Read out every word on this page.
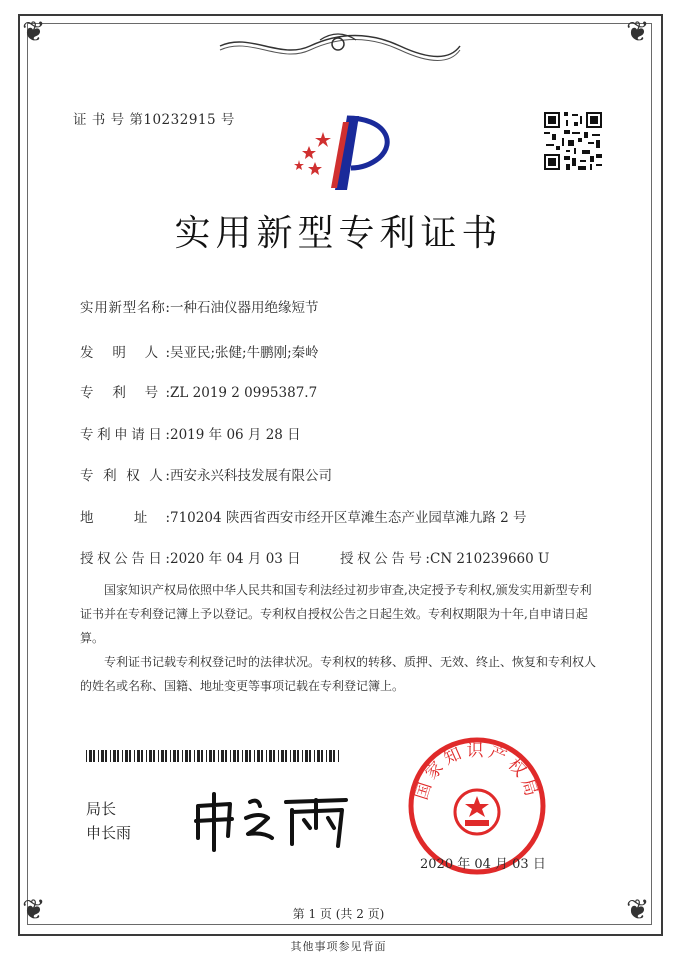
❦	❦
❦	❦
证 书 号 第10232915 号
实用新型专利证书
实用新型名称:一种石油仪器用绝缘短节
发 明 人:吴亚民;张健;牛鹏刚;秦岭
专 利 号:ZL 2019 2 0995387.7
专利申请日:2019 年 06 月 28 日
专 利 权 人:西安永兴科技发展有限公司
地 址:710204 陕西省西安市经开区草滩生态产业园草滩九路 2 号
授权公告日:2020 年 04 月 03 日	授权公告号:CN 210239660 U
国家知识产权局依照中华人民共和国专利法经过初步审查,决定授予专利权,颁发实用新型专利证书并在专利登记簿上予以登记。专利权自授权公告之日起生效。专利权期限为十年,自申请日起算。
专利证书记载专利权登记时的法律状况。专利权的转移、质押、无效、终止、恢复和专利权人的姓名或名称、国籍、地址变更等事项记载在专利登记簿上。
局长
申长雨
国家知识产权局
2020 年 04 月 03 日
第 1 页 (共 2 页)
其他事项参见背面
